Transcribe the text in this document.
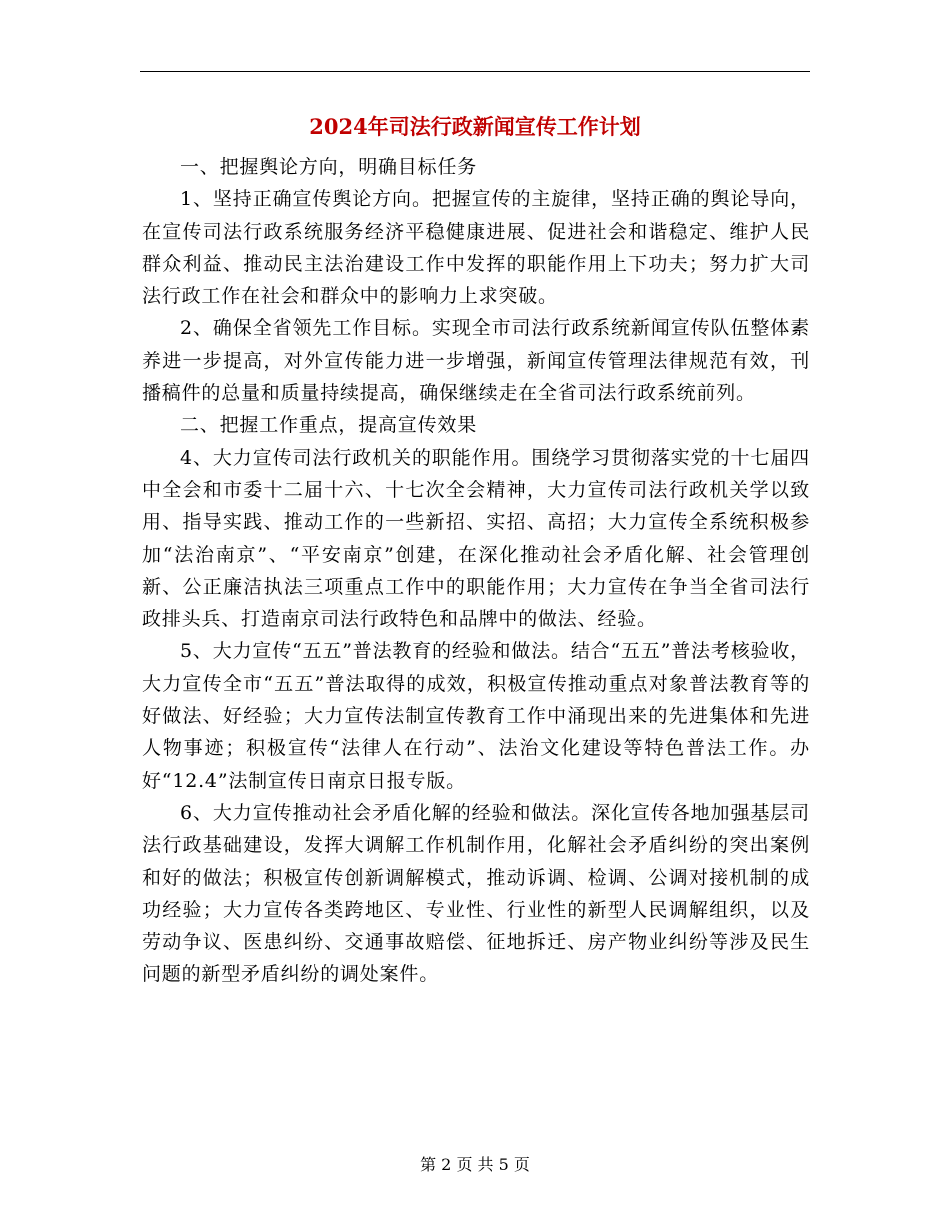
2024年司法行政新闻宣传工作计划

一、把握舆论方向，明确目标任务

1、坚持正确宣传舆论方向。把握宣传的主旋律，坚持正确的舆论导向，在宣传司法行政系统服务经济平稳健康进展、促进社会和谐稳定、维护人民群众利益、推动民主法治建设工作中发挥的职能作用上下功夫；努力扩大司法行政工作在社会和群众中的影响力上求突破。

2、确保全省领先工作目标。实现全市司法行政系统新闻宣传队伍整体素养进一步提高，对外宣传能力进一步增强，新闻宣传管理法律规范有效，刊播稿件的总量和质量持续提高，确保继续走在全省司法行政系统前列。

二、把握工作重点，提高宣传效果

4、大力宣传司法行政机关的职能作用。围绕学习贯彻落实党的十七届四中全会和市委十二届十六、十七次全会精神，大力宣传司法行政机关学以致用、指导实践、推动工作的一些新招、实招、高招；大力宣传全系统积极参加“法治南京”、“平安南京”创建，在深化推动社会矛盾化解、社会管理创新、公正廉洁执法三项重点工作中的职能作用；大力宣传在争当全省司法行政排头兵、打造南京司法行政特色和品牌中的做法、经验。

5、大力宣传“五五”普法教育的经验和做法。结合“五五”普法考核验收，大力宣传全市“五五”普法取得的成效，积极宣传推动重点对象普法教育等的好做法、好经验；大力宣传法制宣传教育工作中涌现出来的先进集体和先进人物事迹；积极宣传“法律人在行动”、法治文化建设等特色普法工作。办好“12.4”法制宣传日南京日报专版。

6、大力宣传推动社会矛盾化解的经验和做法。深化宣传各地加强基层司法行政基础建设，发挥大调解工作机制作用，化解社会矛盾纠纷的突出案例和好的做法；积极宣传创新调解模式，推动诉调、检调、公调对接机制的成功经验；大力宣传各类跨地区、专业性、行业性的新型人民调解组织，以及劳动争议、医患纠纷、交通事故赔偿、征地拆迁、房产物业纠纷等涉及民生问题的新型矛盾纠纷的调处案件。

第 2 页 共 5 页
